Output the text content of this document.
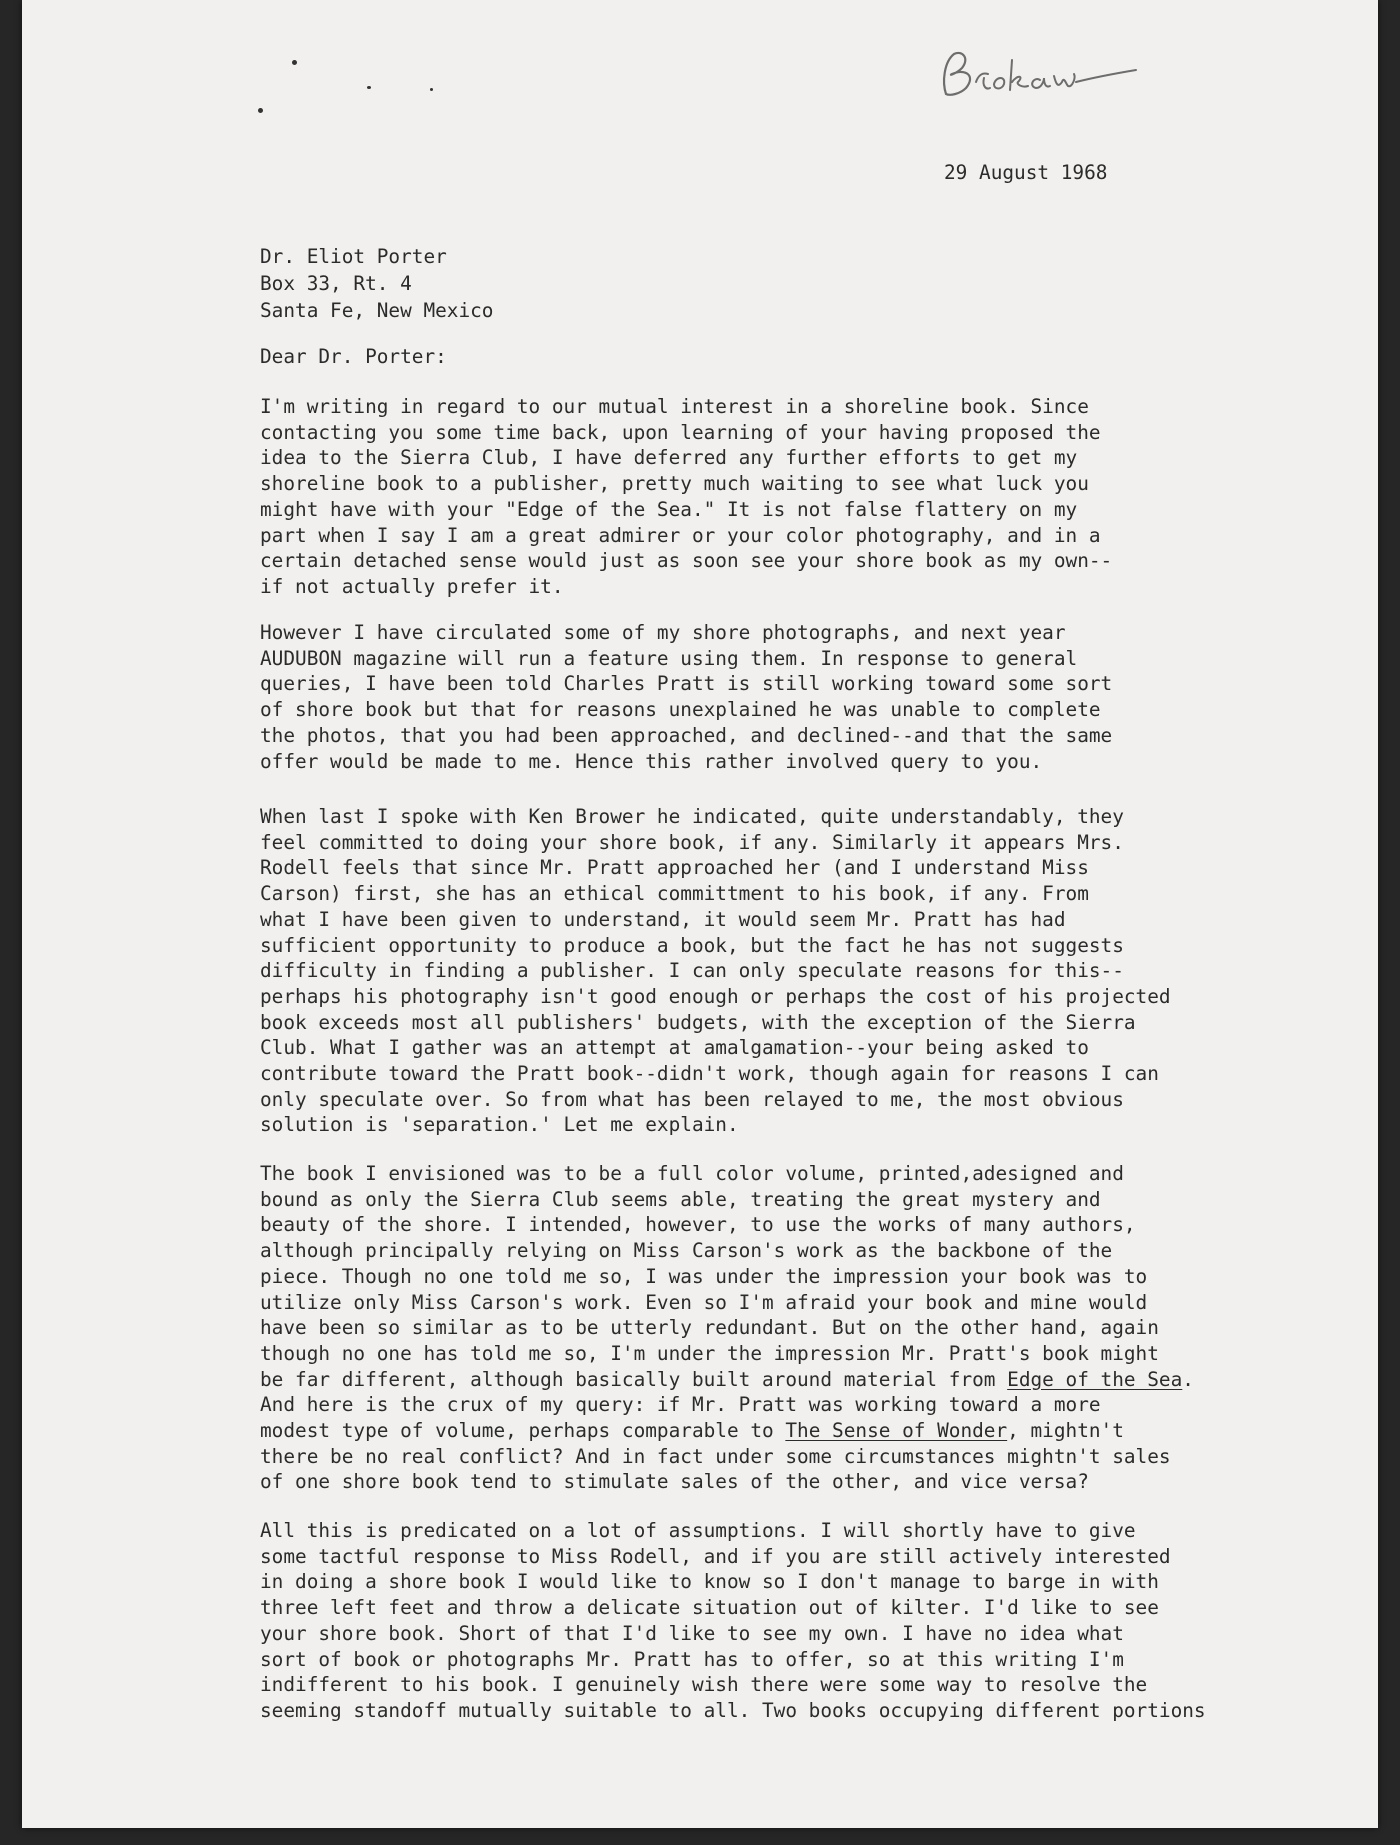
29 August 1968
Dr. Eliot Porter
Box 33, Rt. 4
Santa Fe, New Mexico
Dear Dr. Porter:
I'm writing in regard to our mutual interest in a shoreline book. Since
contacting you some time back, upon learning of your having proposed the
idea to the Sierra Club, I have deferred any further efforts to get my
shoreline book to a publisher, pretty much waiting to see what luck you
might have with your "Edge of the Sea." It is not false flattery on my
part when I say I am a great admirer or your color photography, and in a
certain detached sense would just as soon see your shore book as my own--
if not actually prefer it.
However I have circulated some of my shore photographs, and next year
AUDUBON magazine will run a feature using them. In response to general
queries, I have been told Charles Pratt is still working toward some sort
of shore book but that for reasons unexplained he was unable to complete
the photos, that you had been approached, and declined--and that the same
offer would be made to me. Hence this rather involved query to you.
When last I spoke with Ken Brower he indicated, quite understandably, they
feel committed to doing your shore book, if any. Similarly it appears Mrs.
Rodell feels that since Mr. Pratt approached her (and I understand Miss
Carson) first, she has an ethical committment to his book, if any. From
what I have been given to understand, it would seem Mr. Pratt has had
sufficient opportunity to produce a book, but the fact he has not suggests
difficulty in finding a publisher. I can only speculate reasons for this--
perhaps his photography isn't good enough or perhaps the cost of his projected
book exceeds most all publishers' budgets, with the exception of the Sierra
Club. What I gather was an attempt at amalgamation--your being asked to
contribute toward the Pratt book--didn't work, though again for reasons I can
only speculate over. So from what has been relayed to me, the most obvious
solution is 'separation.' Let me explain.
The book I envisioned was to be a full color volume, printed,adesigned and
bound as only the Sierra Club seems able, treating the great mystery and
beauty of the shore. I intended, however, to use the works of many authors,
although principally relying on Miss Carson's work as the backbone of the
piece. Though no one told me so, I was under the impression your book was to
utilize only Miss Carson's work. Even so I'm afraid your book and mine would
have been so similar as to be utterly redundant. But on the other hand, again
though no one has told me so, I'm under the impression Mr. Pratt's book might
be far different, although basically built around material from Edge of the Sea.
And here is the crux of my query: if Mr. Pratt was working toward a more
modest type of volume, perhaps comparable to The Sense of Wonder, mightn't
there be no real conflict? And in fact under some circumstances mightn't sales
of one shore book tend to stimulate sales of the other, and vice versa?
All this is predicated on a lot of assumptions. I will shortly have to give
some tactful response to Miss Rodell, and if you are still actively interested
in doing a shore book I would like to know so I don't manage to barge in with
three left feet and throw a delicate situation out of kilter. I'd like to see
your shore book. Short of that I'd like to see my own. I have no idea what
sort of book or photographs Mr. Pratt has to offer, so at this writing I'm
indifferent to his book. I genuinely wish there were some way to resolve the
seeming standoff mutually suitable to all. Two books occupying different portions
